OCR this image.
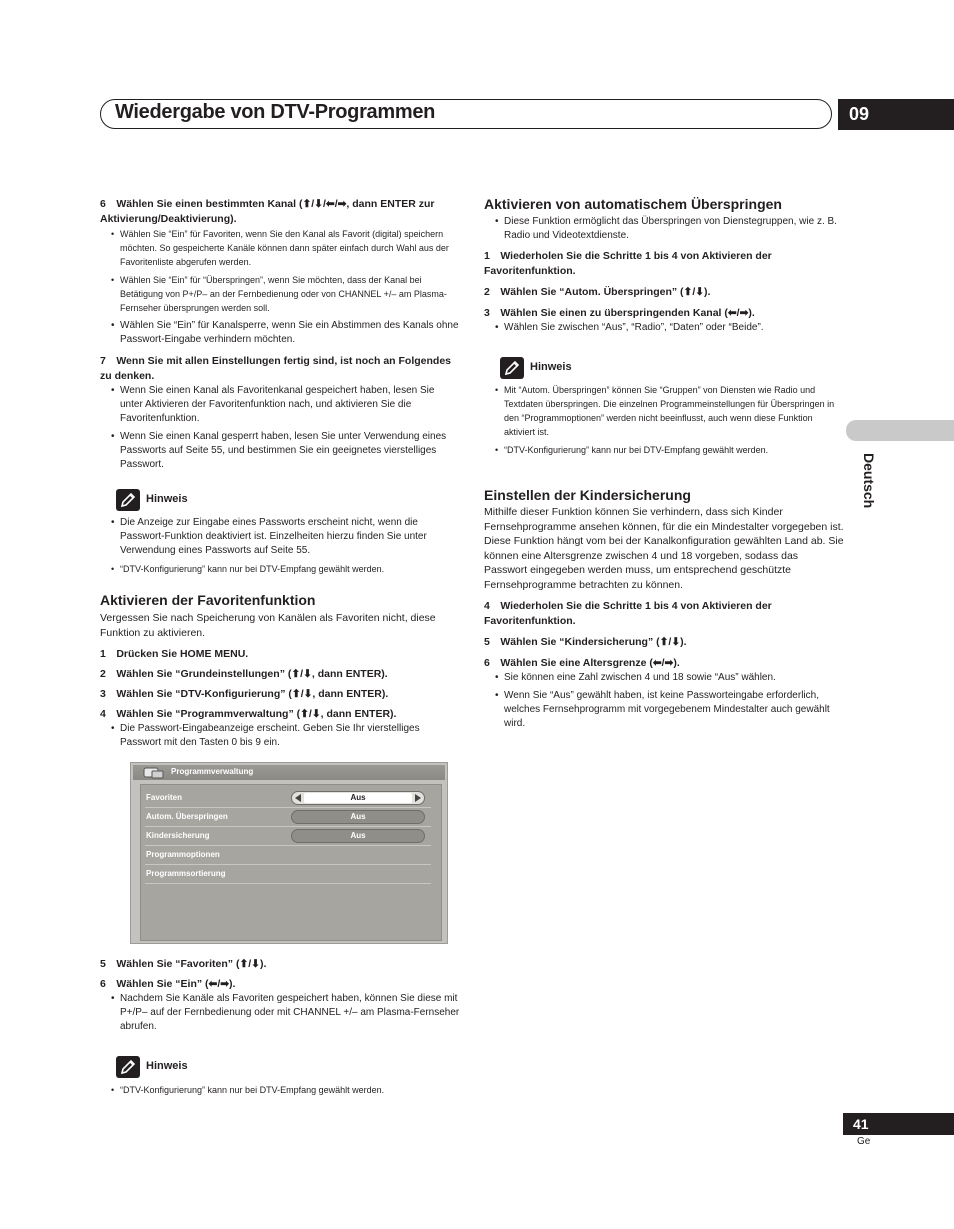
Wiedergabe von DTV-Programmen	09
Deutsch
41
Ge
6 Wählen Sie einen bestimmten Kanal (⬆/⬇/⬅/➡, dann ENTER zur Aktivierung/Deaktivierung).
• Wählen Sie “Ein” für Favoriten, wenn Sie den Kanal als Favorit (digital) speichern möchten. So gespeicherte Kanäle können dann später einfach durch Wahl aus der Favoritenliste abgerufen werden.
• Wählen Sie “Ein” für “Überspringen”, wenn Sie möchten, dass der Kanal bei Betätigung von P+/P– an der Fernbedienung oder von CHANNEL +/– am Plasma-Fernseher übersprungen werden soll.
• Wählen Sie “Ein” für Kanalsperre, wenn Sie ein Abstimmen des Kanals ohne Passwort-Eingabe verhindern möchten.
7 Wenn Sie mit allen Einstellungen fertig sind, ist noch an Folgendes zu denken.
• Wenn Sie einen Kanal als Favoritenkanal gespeichert haben, lesen Sie unter Aktivieren der Favoritenfunktion nach, und aktivieren Sie die Favoritenfunktion.
• Wenn Sie einen Kanal gesperrt haben, lesen Sie unter Verwendung eines Passworts auf Seite 55, und bestimmen Sie ein geeignetes vierstelliges Passwort.
Hinweis
• Die Anzeige zur Eingabe eines Passworts erscheint nicht, wenn die Passwort-Funktion deaktiviert ist. Einzelheiten hierzu finden Sie unter Verwendung eines Passworts auf Seite 55.
• “DTV-Konfigurierung” kann nur bei DTV-Empfang gewählt werden.
Aktivieren der Favoritenfunktion
Vergessen Sie nach Speicherung von Kanälen als Favoriten nicht, diese Funktion zu aktivieren.
1 Drücken Sie HOME MENU.
2 Wählen Sie “Grundeinstellungen” (⬆/⬇, dann ENTER).
3 Wählen Sie “DTV-Konfigurierung” (⬆/⬇, dann ENTER).
4 Wählen Sie “Programmverwaltung” (⬆/⬇, dann ENTER).
• Die Passwort-Eingabeanzeige erscheint. Geben Sie Ihr vierstelliges Passwort mit den Tasten 0 bis 9 ein.
Programmverwaltung
Favoriten	Aus
Autom. Überspringen	Aus
Kindersicherung	Aus
Programmoptionen
Programmsortierung
5 Wählen Sie “Favoriten” (⬆/⬇).
6 Wählen Sie “Ein” (⬅/➡).
• Nachdem Sie Kanäle als Favoriten gespeichert haben, können Sie diese mit P+/P– auf der Fernbedienung oder mit CHANNEL +/– am Plasma-Fernseher abrufen.
Hinweis
• “DTV-Konfigurierung” kann nur bei DTV-Empfang gewählt werden.
Aktivieren von automatischem Überspringen
• Diese Funktion ermöglicht das Überspringen von Dienstegruppen, wie z. B. Radio und Videotextdienste.
1 Wiederholen Sie die Schritte 1 bis 4 von Aktivieren der Favoritenfunktion.
2 Wählen Sie “Autom. Überspringen” (⬆/⬇).
3 Wählen Sie einen zu überspringenden Kanal (⬅/➡).
• Wählen Sie zwischen “Aus”, “Radio”, “Daten” oder “Beide”.
Hinweis
• Mit “Autom. Überspringen” können Sie “Gruppen” von Diensten wie Radio und Textdaten überspringen. Die einzelnen Programmeinstellungen für Überspringen in den “Programmoptionen” werden nicht beeinflusst, auch wenn diese Funktion aktiviert ist.
• “DTV-Konfigurierung” kann nur bei DTV-Empfang gewählt werden.
Einstellen der Kindersicherung
Mithilfe dieser Funktion können Sie verhindern, dass sich Kinder Fernsehprogramme ansehen können, für die ein Mindestalter vorgegeben ist. Diese Funktion hängt vom bei der Kanalkonfiguration gewählten Land ab. Sie können eine Altersgrenze zwischen 4 und 18 vorgeben, sodass das Passwort eingegeben werden muss, um entsprechend geschützte Fernsehprogramme betrachten zu können.
4 Wiederholen Sie die Schritte 1 bis 4 von Aktivieren der Favoritenfunktion.
5 Wählen Sie “Kindersicherung” (⬆/⬇).
6 Wählen Sie eine Altersgrenze (⬅/➡).
• Sie können eine Zahl zwischen 4 und 18 sowie “Aus” wählen.
• Wenn Sie “Aus” gewählt haben, ist keine Passworteingabe erforderlich, welches Fernsehprogramm mit vorgegebenem Mindestalter auch gewählt wird.
